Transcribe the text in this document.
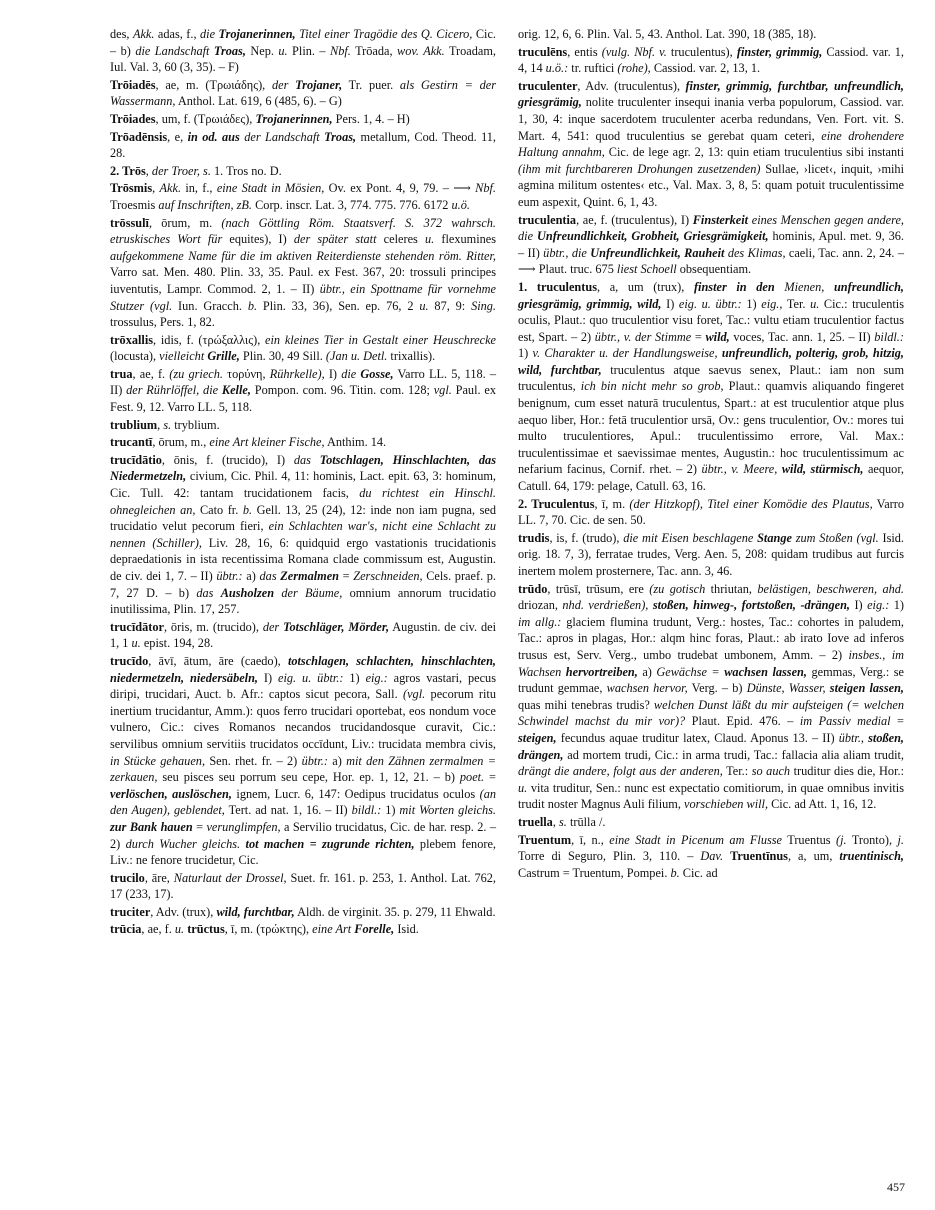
des, Akk. adas, f., die Trojanerinnen, Titel einer Tragödie des Q. Cicero, Cic. – b) die Landschaft Troas, Nep. u. Plin. – Nbf. Trōada, wov. Akk. Troadam, Iul. Val. 3, 60 (3, 35). – F)
Trōiadēs, ae, m. (Τρωιάδης), der Trojaner, Tr. puer. als Gestirn = der Wassermann, Anthol. Lat. 619, 6 (485, 6). – G)
Trōiades, um, f. (Τρωιάδες), Trojanerinnen, Pers. 1, 4. – H)
Trōadēnsis, e, in od. aus der Landschaft Troas, metallum, Cod. Theod. 11, 28.
2. Trōs, der Troer, s. 1. Tros no. D.
Trōsmis, Akk. in, f., eine Stadt in Mösien, Ov. ex Pont. 4, 9, 79. – ⟶ Nbf. Troesmis auf Inschriften, zB. Corp. inscr. Lat. 3, 774. 775. 776. 6172 u.ö.
trōssulī, ōrum, m. (nach Göttling Röm. Staatsverf. S. 372 wahrsch. etruskisches Wort für equites), I) der später statt celeres u. flexumines aufgekommene Name für die im aktiven Reiterdienste stehenden röm. Ritter, Varro sat. Men. 480. Plin. 33, 35. Paul. ex Fest. 367, 20: trossuli principes iuventutis, Lampr. Commod. 2, 1. – II) übtr., ein Spottname für vornehme Stutzer (vgl. Iun. Gracch. b. Plin. 33, 36), Sen. ep. 76, 2 u. 87, 9: Sing. trossulus, Pers. 1, 82.
trōxallis, idis, f. (τρώξαλλις), ein kleines Tier in Gestalt einer Heuschrecke (locusta), vielleicht Grille, Plin. 30, 49 Sill. (Jan u. Detl. trixallis).
trua, ae, f. (zu griech. τορύνη, Rührkelle), I) die Gosse, Varro LL. 5, 118. – II) der Rührlöffel, die Kelle, Pompon. com. 96. Titin. com. 128; vgl. Paul. ex Fest. 9, 12. Varro LL. 5, 118.
trublium, s. tryblium.
trucantī, ōrum, m., eine Art kleiner Fische, Anthim. 14.
trucīdātio, ōnis, f. (trucido), I) das Totschlagen, Hinschlachten, das Niedermetzeln, civium, Cic. Phil. 4, 11: hominis, Lact. epit. 63, 3: hominum, Cic. Tull. 42: tantam trucidationem facis, du richtest ein Hinschl. ohnegleichen an, Cato fr. b. Gell. 13, 25 (24), 12: inde non iam pugna, sed trucidatio velut pecorum fieri, ein Schlachten war's, nicht eine Schlacht zu nennen (Schiller), Liv. 28, 16, 6: quidquid ergo vastationis trucidationis depraedationis in ista recentissima Romana clade commissum est, Augustin. de civ. dei 1, 7. – II) übtr.: a) das Zermalmen = Zerschneiden, Cels. praef. p. 7, 27 D. – b) das Ausholzen der Bäume, omnium annorum trucidatio inutilissima, Plin. 17, 257.
trucīdātor, ōris, m. (trucido), der Totschläger, Mörder, Augustin. de civ. dei 1, 1 u. epist. 194, 28.
trucīdo, āvī, ātum, āre (caedo), totschlagen, schlachten, hinschlachten, niedermetzeln, niedersäbeln, I) eig. u. übtr.: 1) eig.: agros vastari, pecus diripi, trucidari, Auct. b. Afr.: captos sicut pecora, Sall. (vgl. pecorum ritu inertium trucidantur, Amm.): quos ferro trucidari oportebat, eos nondum voce vulnero, Cic.: cives Romanos necandos trucidandosque curavit, Cic.: servilibus omnium servitiis trucidatos occīdunt, Liv.: trucidata membra civis, in Stücke gehauen, Sen. rhet. fr. – 2) übtr.: a) mit den Zähnen zermalmen = zerkauen, seu pisces seu porrum seu cepe, Hor. ep. 1, 12, 21. – b) poet. = verlöschen, auslöschen, ignem, Lucr. 6, 147: Oedipus trucidatus oculos (an den Augen), geblendet, Tert. ad nat. 1, 16. – II) bildl.: 1) mit Worten gleichs. zur Bank hauen = verunglimpfen, a Servilio trucidatus, Cic. de har. resp. 2. – 2) durch Wucher gleichs. tot machen = zugrunde richten, plebem fenore, Liv.: ne fenore trucidetur, Cic.
trucilo, āre, Naturlaut der Drossel, Suet. fr. 161. p. 253, 1. Anthol. Lat. 762, 17 (233, 17).
truciter, Adv. (trux), wild, furchtbar, Aldh. de virginit. 35. p. 279, 11 Ehwald.
trūcia, ae, f. u. trūctus, ī, m. (τρώκτης), eine Art Forelle, Isid.
orig. 12, 6, 6. Plin. Val. 5, 43. Anthol. Lat. 390, 18 (385, 18).
truculēns, entis (vulg. Nbf. v. truculentus), finster, grimmig, Cassiod. var. 1, 4, 14 u.ö.: tr. ruftici (rohe), Cassiod. var. 2, 13, 1.
truculenter, Adv. (truculentus), finster, grimmig, furchtbar, unfreundlich, griesgrämig, nolite truculenter insequi inania verba populorum, Cassiod. var. 1, 30, 4: inque sacerdotem truculenter acerba redundans, Ven. Fort. vit. S. Mart. 4, 541: quod truculentius se gerebat quam ceteri, eine drohendere Haltung annahm, Cic. de lege agr. 2, 13: quin etiam truculentius sibi instanti (ihm mit furchtbareren Drohungen zusetzenden) Sullae, ›licet‹, inquit, ›mihi agmina militum ostentes‹ etc., Val. Max. 3, 8, 5: quam potuit truculentissime eum aspexit, Quint. 6, 1, 43.
truculentia, ae, f. (truculentus), I) Finsterkeit eines Menschen gegen andere, die Unfreundlichkeit, Grobheit, Griesgrämigkeit, hominis, Apul. met. 9, 36. – II) übtr., die Unfreundlichkeit, Rauheit des Klimas, caeli, Tac. ann. 2, 24. – ⟶ Plaut. truc. 675 liest Schoell obsequentiam.
1. truculentus, a, um (trux), finster in den Mienen, unfreundlich, griesgrämig, grimmig, wild, I) eig. u. übtr.: 1) eig., Ter. u. Cic.: truculentis oculis, Plaut.: quo truculentior visu foret, Tac.: vultu etiam truculentior factus est, Spart. – 2) übtr., v. der Stimme = wild, voces, Tac. ann. 1, 25. – II) bildl.: 1) v. Charakter u. der Handlungsweise, unfreundlich, polterig, grob, hitzig, wild, furchtbar, truculentus atque saevus senex, Plaut.: iam non sum truculentus, ich bin nicht mehr so grob, Plaut.: quamvis aliquando fingeret benignum, cum esset naturā truculentus, Spart.: at est truculentior atque plus aequo liber, Hor.: fetā truculentior ursā, Ov.: gens truculentior, Ov.: mores tui multo truculentiores, Apul.: truculentissimo errore, Val. Max.: truculentissimae et saevissimae mentes, Augustin.: hoc truculentissimum ac nefarium facinus, Cornif. rhet. – 2) übtr., v. Meere, wild, stürmisch, aequor, Catull. 64, 179: pelage, Catull. 63, 16.
2. Truculentus, ī, m. (der Hitzkopf), Titel einer Komödie des Plautus, Varro LL. 7, 70. Cic. de sen. 50.
trudis, is, f. (trudo), die mit Eisen beschlagene Stange zum Stoßen (vgl. Isid. orig. 18. 7, 3), ferratae trudes, Verg. Aen. 5, 208: quidam trudibus aut furcis inertem molem prosternere, Tac. ann. 3, 46.
trūdo, trūsī, trūsum, ere (zu gotisch thriutan, belästigen, beschweren, ahd. driozan, nhd. verdrießen), stoßen, hinweg-, fortstoßen, -drängen, I) eig.: 1) im allg.: glaciem flumina trudunt, Verg.: hostes, Tac.: cohortes in paludem, Tac.: apros in plagas, Hor.: alqm hinc foras, Plaut.: ab irato Iove ad inferos trusus est, Serv. Verg., umbo trudebat umbonem, Amm. – 2) insbes., im Wachsen hervortreiben, a) Gewächse = wachsen lassen, gemmas, Verg.: se trudunt gemmae, wachsen hervor, Verg. – b) Dünste, Wasser, steigen lassen, quas mihi tenebras trudis? welchen Dunst läßt du mir aufsteigen (= welchen Schwindel machst du mir vor)? Plaut. Epid. 476. – im Passiv medial = steigen, fecundus aquae truditur latex, Claud. Aponus 13. – II) übtr., stoßen, drängen, ad mortem trudi, Cic.: in arma trudi, Tac.: fallacia alia aliam trudit, drängt die andere, folgt aus der anderen, Ter.: so auch truditur dies die, Hor.: u. vita truditur, Sen.: nunc est expectatio comitiorum, in quae omnibus invitis trudit noster Magnus Auli filium, vorschieben will, Cic. ad Att. 1, 16, 12.
truella, s. trūlla /.
Truentum, ī, n., eine Stadt in Picenum am Flusse Truentus (j. Tronto), j. Torre di Seguro, Plin. 3, 110. – Dav. Truentīnus, a, um, truentinisch, Castrum = Truentum, Pompei. b. Cic. ad
457
